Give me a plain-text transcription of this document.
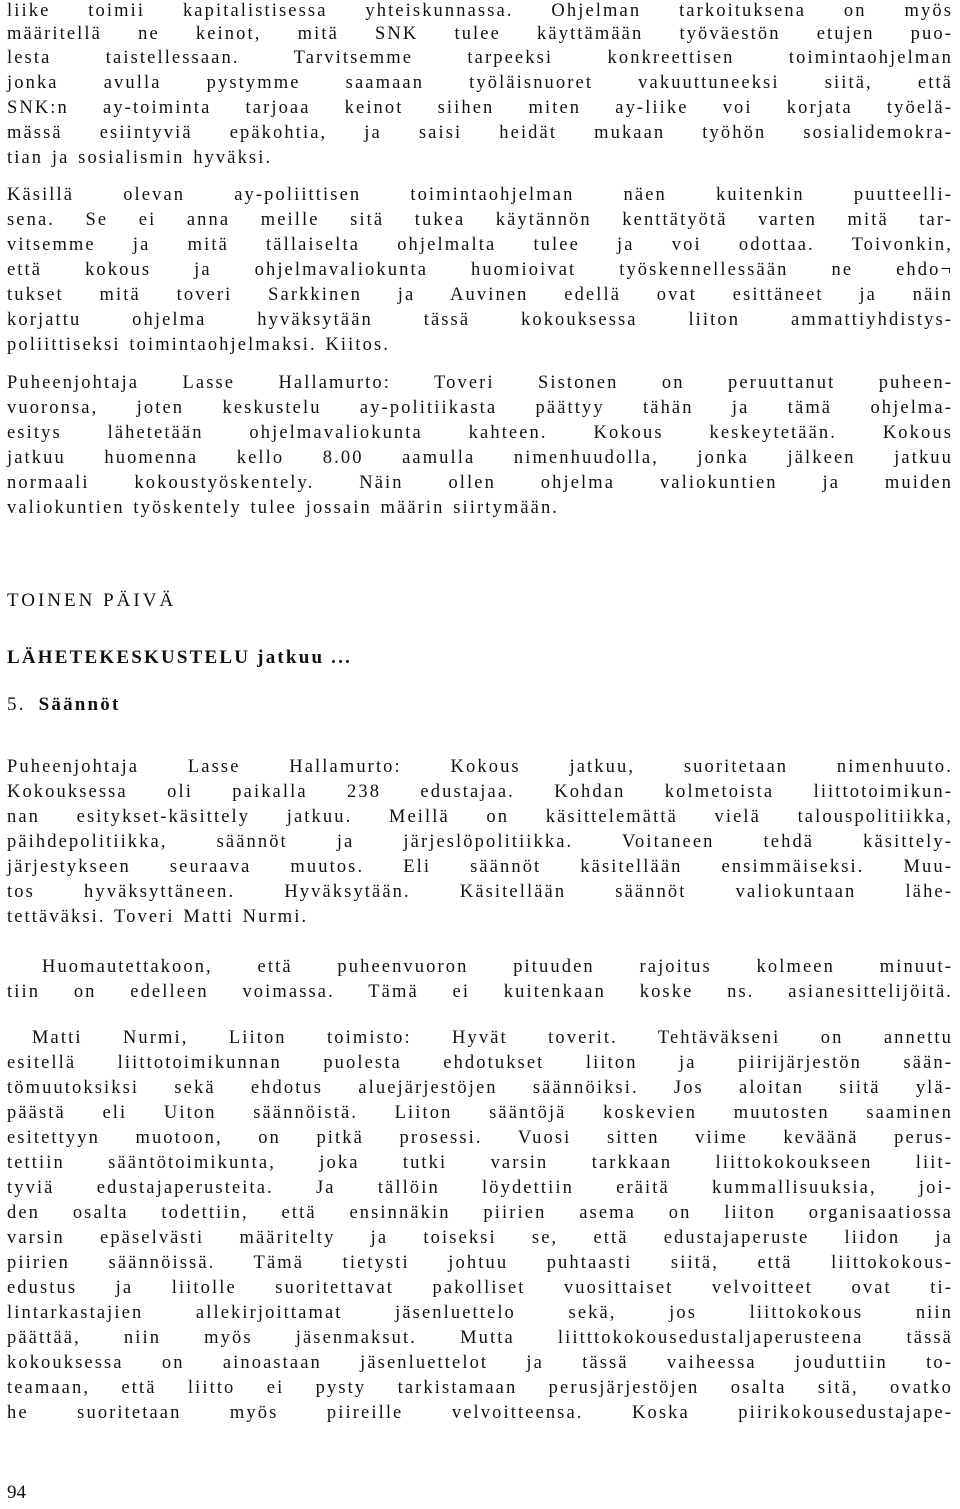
liike toimii kapitalistisessa yhteiskunnassa. Ohjelman tarkoituksena on myös
määritellä ne keinot, mitä SNK tulee käyttämään työväestön etujen puo-
lesta taistellessaan. Tarvitsemme tarpeeksi konkreettisen toimintaohjelman
jonka avulla pystymme saamaan työläisnuoret vakuuttuneeksi siitä, että
SNK:n ay-toiminta tarjoaa keinot siihen miten ay-liike voi korjata työelä-
mässä esiintyviä epäkohtia, ja saisi heidät mukaan työhön sosialidemokra-
tian ja sosialismin hyväksi.
Käsillä olevan ay-poliittisen toimintaohjelman näen kuitenkin puutteelli-
sena. Se ei anna meille sitä tukea käytännön kenttätyötä varten mitä tar-
vitsemme ja mitä tällaiselta ohjelmalta tulee ja voi odottaa. Toivonkin,
että kokous ja ohjelmavaliokunta huomioivat työskennellessään ne ehdo¬
tukset mitä toveri Sarkkinen ja Auvinen edellä ovat esittäneet ja näin
korjattu ohjelma hyväksytään tässä kokouksessa liiton ammattiyhdistys-
poliittiseksi toimintaohjelmaksi. Kiitos.
Puheenjohtaja Lasse Hallamurto: Toveri Sistonen on peruuttanut puheen-
vuoronsa, joten keskustelu ay-politiikasta päättyy tähän ja tämä ohjelma-
esitys lähetetään ohjelmavaliokunta kahteen. Kokous keskeytetään. Kokous
jatkuu huomenna kello 8.00 aamulla nimenhuudolla, jonka jälkeen jatkuu
normaali kokoustyöskentely. Näin ollen ohjelma valiokuntien ja muiden
valiokuntien työskentely tulee jossain määrin siirtymään.
TOINEN PÄIVÄ
LÄHETEKESKUSTELU jatkuu ...
5. Säännöt
Puheenjohtaja Lasse Hallamurto: Kokous jatkuu, suoritetaan nimenhuuto.
Kokouksessa oli paikalla 238 edustajaa. Kohdan kolmetoista liittotoimikun-
nan esitykset-käsittely jatkuu. Meillä on käsittelemättä vielä talouspolitiikka,
päihdepolitiikka, säännöt ja järjeslöpolitiikka. Voitaneen tehdä käsittely-
järjestykseen seuraava muutos. Eli säännöt käsitellään ensimmäiseksi. Muu-
tos hyväksyttäneen. Hyväksytään. Käsitellään säännöt valiokuntaan lähe-
tettäväksi. Toveri Matti Nurmi.
Huomautettakoon, että puheenvuoron pituuden rajoitus kolmeen minuut-
tiin on edelleen voimassa. Tämä ei kuitenkaan koske ns. asianesittelijöitä.
Matti Nurmi, Liiton toimisto: Hyvät toverit. Tehtäväkseni on annettu
esitellä liittotoimikunnan puolesta ehdotukset liiton ja piirijärjestön sään-
tömuutoksiksi sekä ehdotus aluejärjestöjen säännöiksi. Jos aloitan siitä ylä-
päästä eli Uiton säännöistä. Liiton sääntöjä koskevien muutosten saaminen
esitettyyn muotoon, on pitkä prosessi. Vuosi sitten viime keväänä perus-
tettiin sääntötoimikunta, joka tutki varsin tarkkaan liittokokoukseen liit-
tyviä edustajaperusteita. Ja tällöin löydettiin eräitä kummallisuuksia, joi-
den osalta todettiin, että ensinnäkin piirien asema on liiton organisaatiossa
varsin epäselvästi määritelty ja toiseksi se, että edustajaperuste liidon ja
piirien säännöissä. Tämä tietysti johtuu puhtaasti siitä, että liittokokous-
edustus ja liitolle suoritettavat pakolliset vuosittaiset velvoitteet ovat ti-
lintarkastajien allekirjoittamat jäsenluettelo sekä, jos liittokokous niin
päättää, niin myös jäsenmaksut. Mutta liitttokokousedustaljaperusteena tässä
kokouksessa on ainoastaan jäsenluettelot ja tässä vaiheessa jouduttiin to-
teamaan, että liitto ei pysty tarkistamaan perusjärjestöjen osalta sitä, ovatko
he suoritetaan myös piireille velvoitteensa. Koska piirikokousedustajape-
94
